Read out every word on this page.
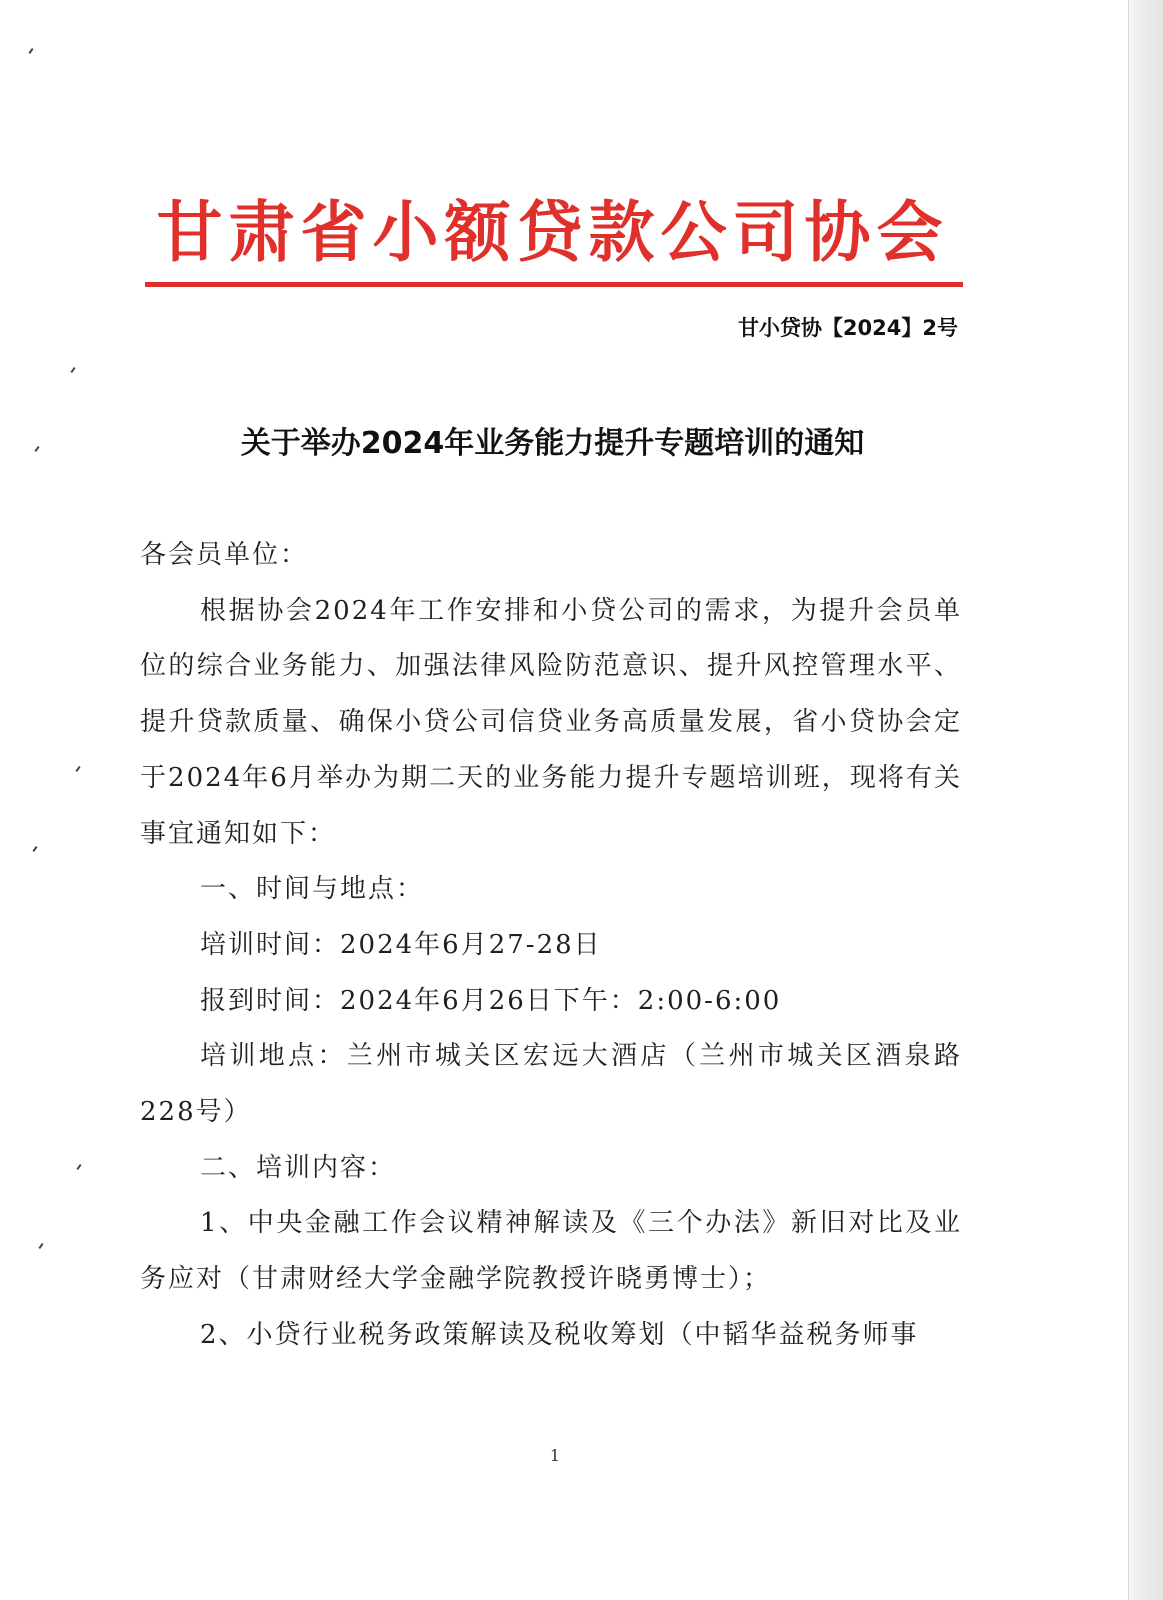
甘肃省小额贷款公司协会
甘小贷协【2024】2号
关于举办2024年业务能力提升专题培训的通知

各会员单位：

根据协会2024年工作安排和小贷公司的需求，为提升会员单位的综合业务能力、加强法律风险防范意识、提升风控管理水平、提升贷款质量、确保小贷公司信贷业务高质量发展，省小贷协会定于2024年6月举办为期二天的业务能力提升专题培训班，现将有关事宜通知如下：

一、时间与地点：

培训时间：2024年6月27-28日

报到时间：2024年6月26日下午：2:00-6:00

培训地点：兰州市城关区宏远大酒店（兰州市城关区酒泉路228号）

二、培训内容：

1、中央金融工作会议精神解读及《三个办法》新旧对比及业务应对（甘肃财经大学金融学院教授许晓勇博士）；

2、小贷行业税务政策解读及税收筹划（中韬华益税务师事

1
